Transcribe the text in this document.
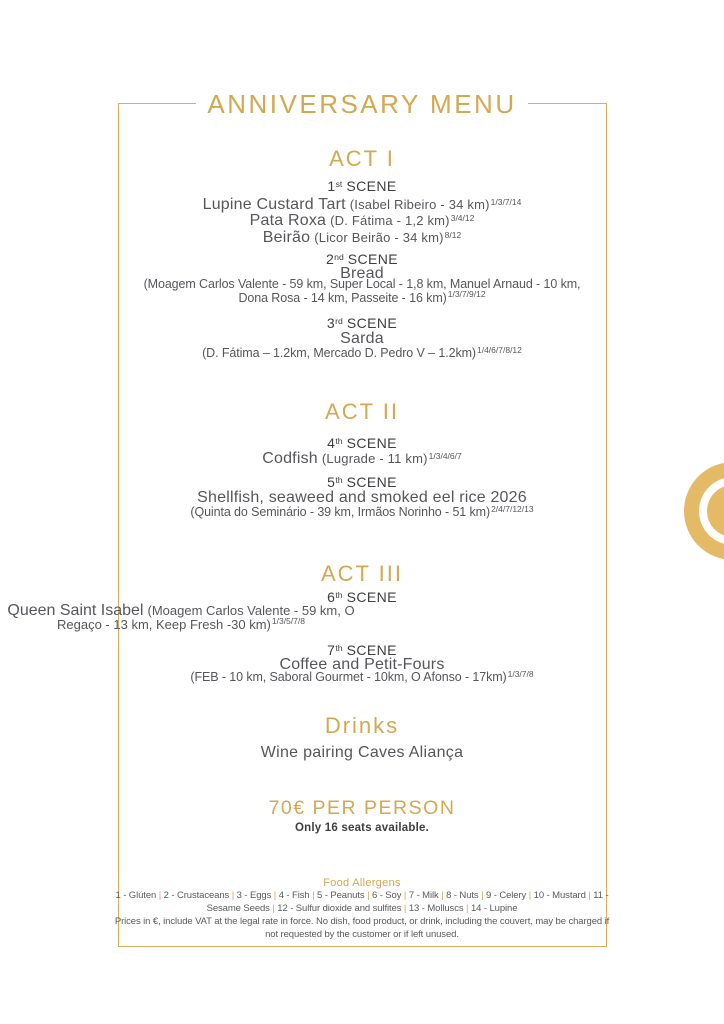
ANNIVERSARY MENU
ACT I
1st SCENE
Lupine Custard Tart (Isabel Ribeiro - 34 km)$^{1/3/7/14}$
Pata Roxa (D. Fátima - 1,2 km)$^{3/4/12}$
Beirão (Licor Beirão - 34 km)$^{8/12}$
2nd SCENE
Bread
(Moagem Carlos Valente - 59 km, Super Local - 1,8 km, Manuel Arnaud - 10 km, Dona Rosa - 14 km, Passeite - 16 km)$^{1/3/7/9/12}$
3rd SCENE
Sarda
(D. Fátima – 1.2km, Mercado D. Pedro V – 1.2km)$^{1/4/6/7/8/12}$
ACT II
4th SCENE
Codfish (Lugrade - 11 km)$^{1/3/4/6/7}$
5th SCENE
Shellfish, seaweed and smoked eel rice 2026
(Quinta do Seminário - 39 km, Irmãos Norinho - 51 km)$^{2/4/7/12/13}$
ACT III
6th SCENE
Queen Saint Isabel (Moagem Carlos Valente - 59 km, O Regaço - 13 km, Keep Fresh -30 km)$^{1/3/5/7/8}$
7th SCENE
Coffee and Petit-Fours
(FEB - 10 km, Saboral Gourmet - 10km, O Afonso - 17km)$^{1/3/7/8}$
Drinks
Wine pairing Caves Aliança
70€ PER PERSON
Only 16 seats available.
Food Allergens
1 - Glúten | 2 - Crustaceans | 3 - Eggs | 4 - Fish | 5 - Peanuts | 6 - Soy | 7 - Milk | 8 - Nuts | 9 - Celery | 10 - Mustard | 11 - Sesame Seeds | 12 - Sulfur dioxide and sulfites | 13 - Molluscs | 14 - Lupine
Prices in €, include VAT at the legal rate in force. No dish, food product, or drink, including the couvert, may be charged if not requested by the customer or if left unused.
